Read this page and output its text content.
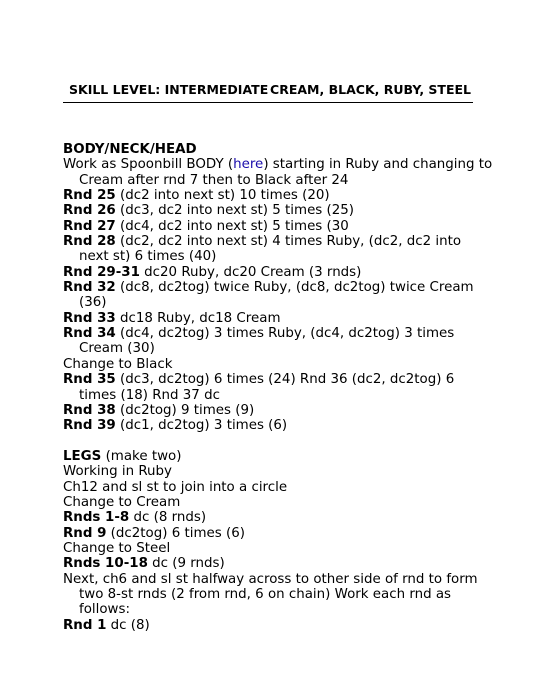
SKILL LEVEL: INTERMEDIATE CREAM, BLACK, RUBY, STEEL
BODY/NECK/HEAD
Work as Spoonbill BODY (here) starting in Ruby and changing to
Cream after rnd 7 then to Black after 24
Rnd 25 (dc2 into next st) 10 times (20)
Rnd 26 (dc3, dc2 into next st) 5 times (25)
Rnd 27 (dc4, dc2 into next st) 5 times (30
Rnd 28 (dc2, dc2 into next st) 4 times Ruby, (dc2, dc2 into
next st) 6 times (40)
Rnd 29-31 dc20 Ruby, dc20 Cream (3 rnds)
Rnd 32 (dc8, dc2tog) twice Ruby, (dc8, dc2tog) twice Cream
(36)
Rnd 33 dc18 Ruby, dc18 Cream
Rnd 34 (dc4, dc2tog) 3 times Ruby, (dc4, dc2tog) 3 times
Cream (30)
Change to Black
Rnd 35 (dc3, dc2tog) 6 times (24) Rnd 36 (dc2, dc2tog) 6
times (18) Rnd 37 dc
Rnd 38 (dc2tog) 9 times (9)
Rnd 39 (dc1, dc2tog) 3 times (6)
LEGS (make two)
Working in Ruby
Ch12 and sl st to join into a circle
Change to Cream
Rnds 1-8 dc (8 rnds)
Rnd 9 (dc2tog) 6 times (6)
Change to Steel
Rnds 10-18 dc (9 rnds)
Next, ch6 and sl st halfway across to other side of rnd to form
two 8-st rnds (2 from rnd, 6 on chain) Work each rnd as
follows:
Rnd 1 dc (8)
